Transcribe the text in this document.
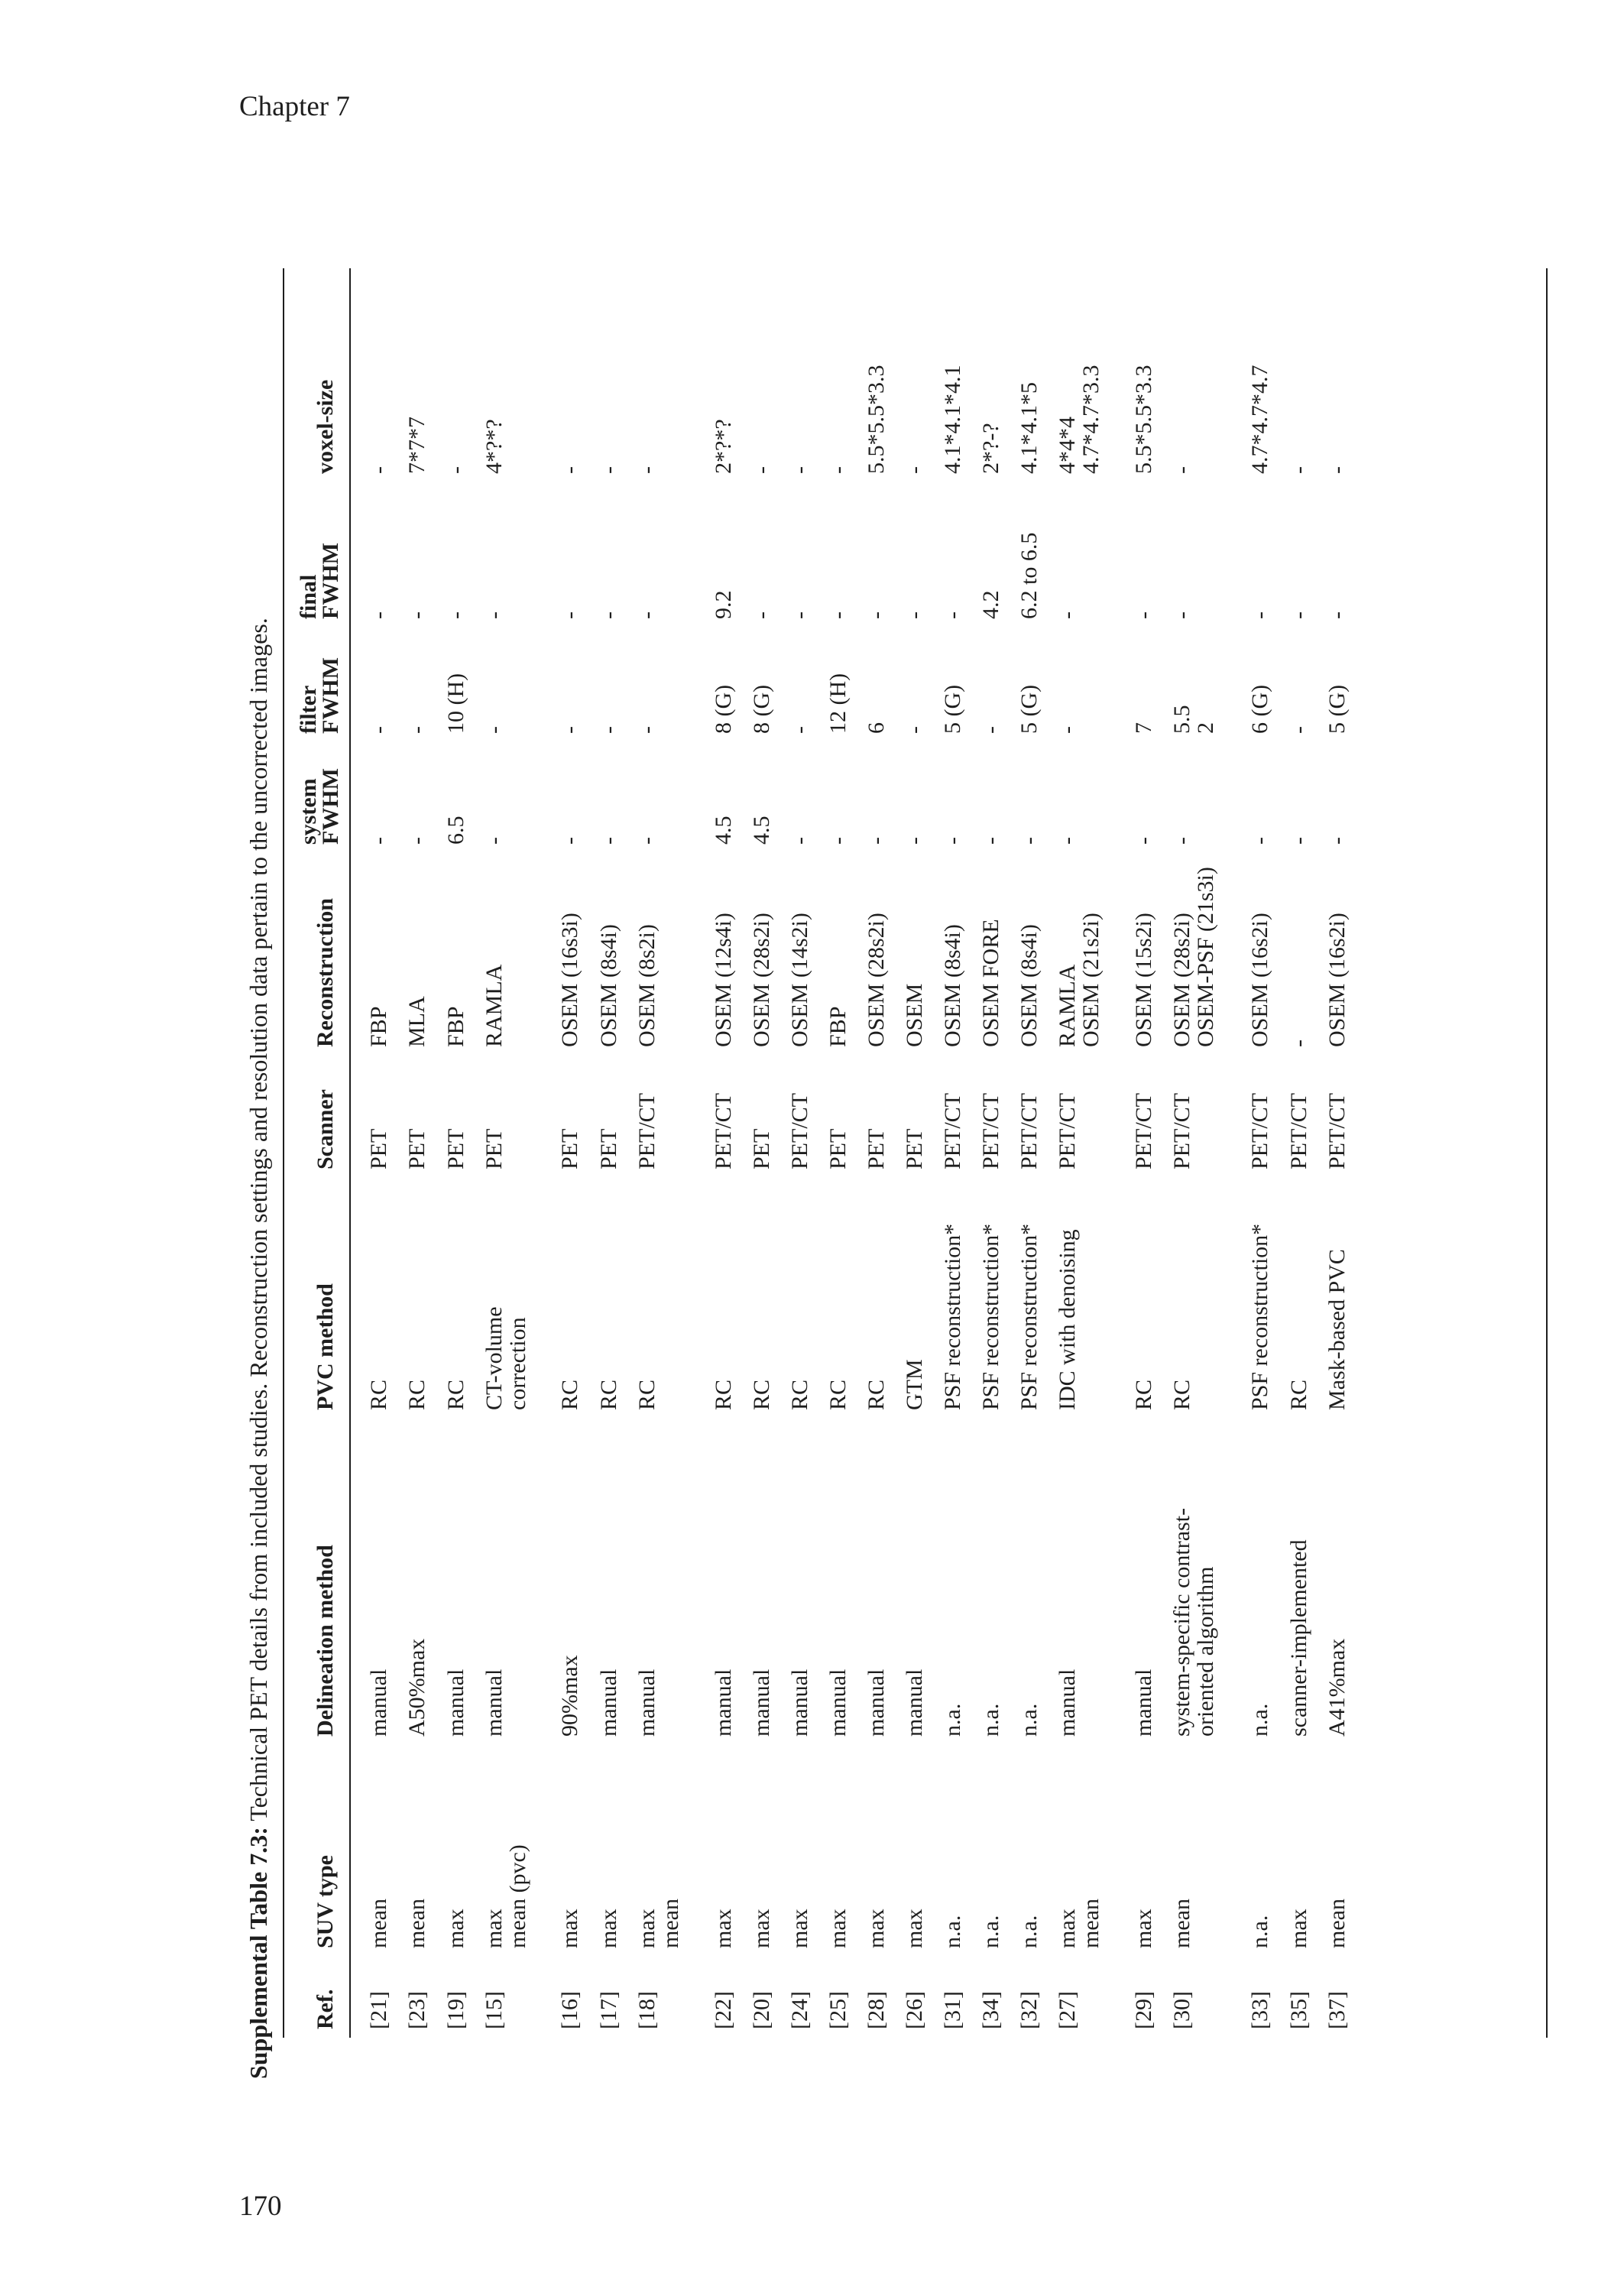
Chapter 7
170
Supplemental Table 7.3: Technical PET details from included studies. Reconstruction settings and resolution data pertain to the uncorrected images.
Ref.
SUV type
Delineation method
PVC method
Scanner
Reconstruction
system
FWHM
filter
FWHM
final
FWHM
voxel-size
[21]
mean
manual
RC
PET
FBP
-
-
-
-
[23]
mean
A50%max
RC
PET
MLA
-
-
-
7*7*7
[19]
max
manual
RC
PET
FBP
6.5
10 (H)
-
-
[15]
max
mean (pvc)
manual
CT-volume
correction
PET
RAMLA
-
-
-
4*?*?
[16]
max
90%max
RC
PET
OSEM (16s3i)
-
-
-
-
[17]
max
manual
RC
PET
OSEM (8s4i)
-
-
-
-
[18]
max
mean
manual
RC
PET/CT
OSEM (8s2i)
-
-
-
-
[22]
max
manual
RC
PET/CT
OSEM (12s4i)
4.5
8 (G)
9.2
2*?*?
[20]
max
manual
RC
PET
OSEM (28s2i)
4.5
8 (G)
-
-
[24]
max
manual
RC
PET/CT
OSEM (14s2i)
-
-
-
-
[25]
max
manual
RC
PET
FBP
-
12 (H)
-
-
[28]
max
manual
RC
PET
OSEM (28s2i)
-
6
-
5.5*5.5*3.3
[26]
max
manual
GTM
PET
OSEM
-
-
-
-
[31]
n.a.
n.a.
PSF reconstruction*
PET/CT
OSEM (8s4i)
-
5 (G)
-
4.1*4.1*4.1
[34]
n.a.
n.a.
PSF reconstruction*
PET/CT
OSEM FORE
-
-
4.2
2*?-?
[32]
n.a.
n.a.
PSF reconstruction*
PET/CT
OSEM (8s4i)
-
5 (G)
6.2 to 6.5
4.1*4.1*5
[27]
max
mean
manual
IDC with denoising
PET/CT
RAMLA
OSEM (21s2i)
-
-
-
4*4*4
4.7*4.7*3.3
[29]
max
manual
RC
PET/CT
OSEM (15s2i)
-
7
-
5.5*5.5*3.3
[30]
mean
system-specific contrast-
oriented algorithm
RC
PET/CT
OSEM (28s2i)
OSEM-PSF (21s3i)
-
5.5
2
-
-
[33]
n.a.
n.a.
PSF reconstruction*
PET/CT
OSEM (16s2i)
-
6 (G)
-
4.7*4.7*4.7
[35]
max
scanner-implemented
RC
PET/CT
-
-
-
-
-
[37]
mean
A41%max
Mask-based PVC
PET/CT
OSEM (16s2i)
-
5 (G)
-
-
